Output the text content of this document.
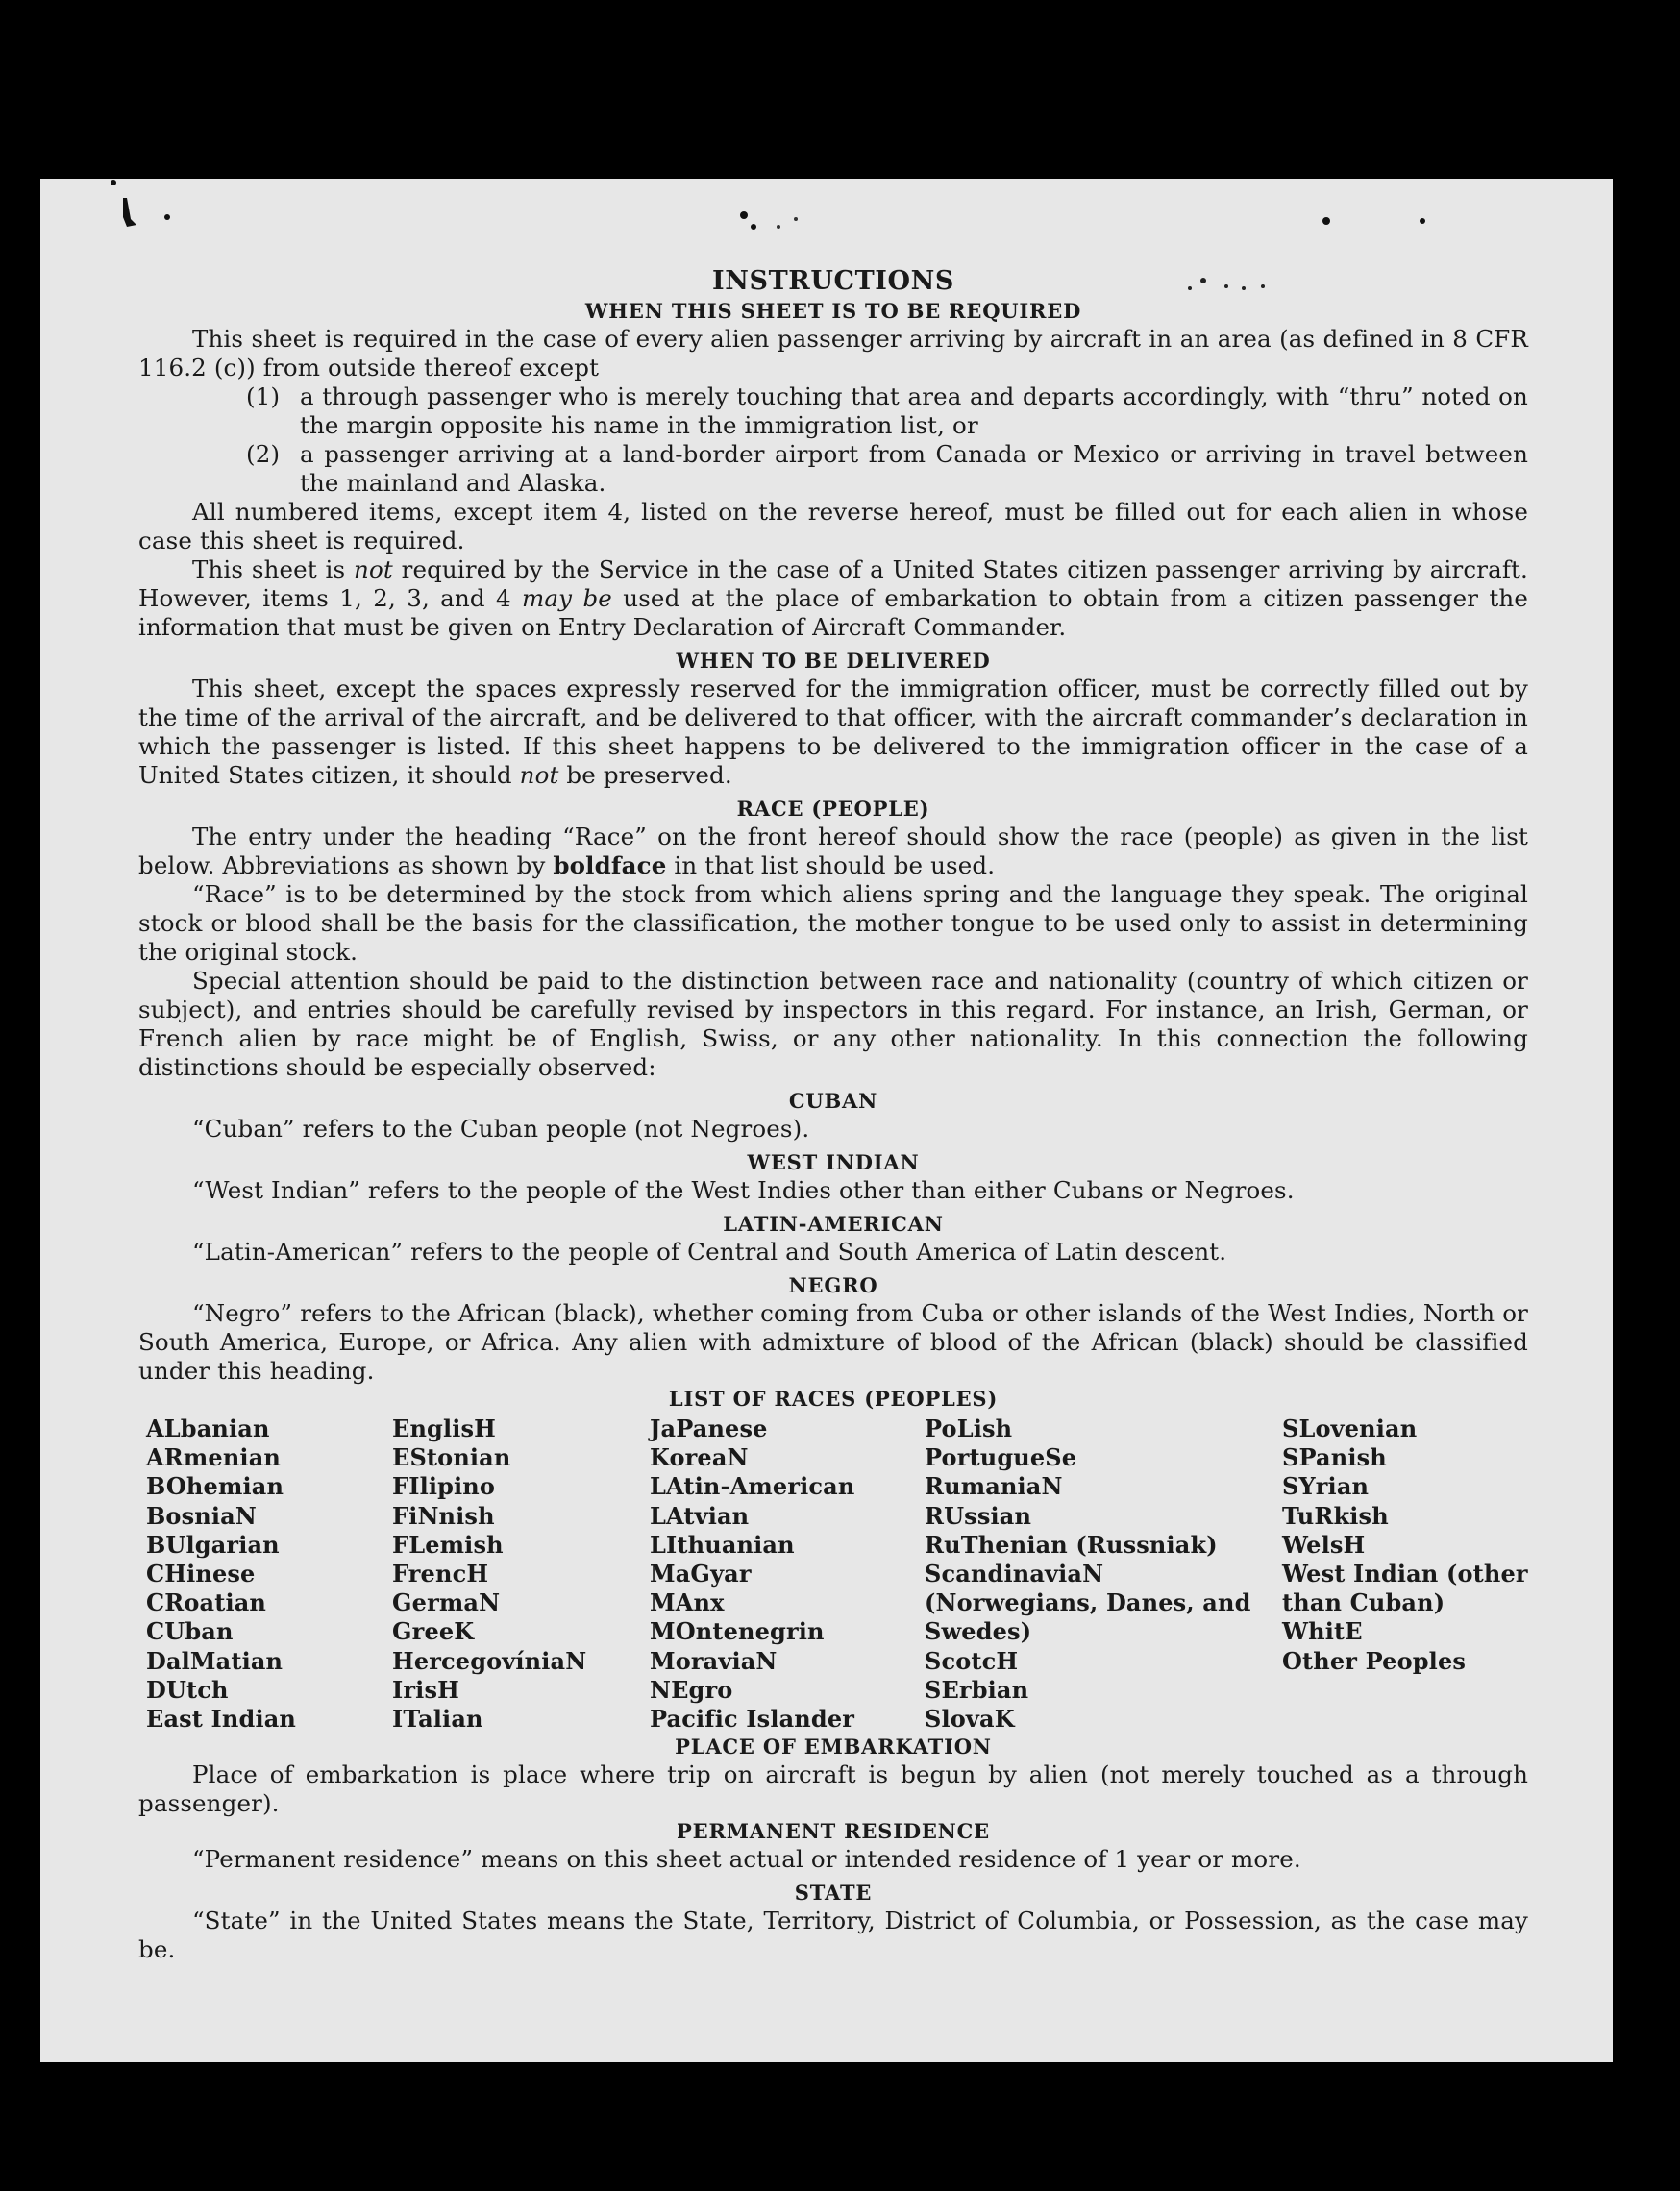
INSTRUCTIONS
WHEN THIS SHEET IS TO BE REQUIRED

This sheet is required in the case of every alien passenger arriving by aircraft in an area (as defined in 8 CFR 116.2 (c)) from outside thereof except

(1) a through passenger who is merely touching that area and departs accordingly, with “thru” noted on the margin opposite his name in the immigration list, or
(2) a passenger arriving at a land-border airport from Canada or Mexico or arriving in travel between the mainland and Alaska.

All numbered items, except item 4, listed on the reverse hereof, must be filled out for each alien in whose case this sheet is required.

This sheet is not required by the Service in the case of a United States citizen passenger arriving by aircraft. However, items 1, 2, 3, and 4 may be used at the place of embarkation to obtain from a citizen passenger the information that must be given on Entry Declaration of Aircraft Commander.

WHEN TO BE DELIVERED

This sheet, except the spaces expressly reserved for the immigration officer, must be correctly filled out by the time of the arrival of the aircraft, and be delivered to that officer, with the aircraft commander’s declaration in which the passenger is listed. If this sheet happens to be delivered to the immigration officer in the case of a United States citizen, it should not be preserved.

RACE (PEOPLE)

The entry under the heading “Race” on the front hereof should show the race (people) as given in the list below. Abbreviations as shown by boldface in that list should be used.

“Race” is to be determined by the stock from which aliens spring and the language they speak. The original stock or blood shall be the basis for the classification, the mother tongue to be used only to assist in determining the original stock.

Special attention should be paid to the distinction between race and nationality (country of which citizen or subject), and entries should be carefully revised by inspectors in this regard. For instance, an Irish, German, or French alien by race might be of English, Swiss, or any other nationality. In this connection the following distinctions should be especially observed:

CUBAN

“Cuban” refers to the Cuban people (not Negroes).

WEST INDIAN

“West Indian” refers to the people of the West Indies other than either Cubans or Negroes.

LATIN-AMERICAN

“Latin-American” refers to the people of Central and South America of Latin descent.

NEGRO

“Negro” refers to the African (black), whether coming from Cuba or other islands of the West Indies, North or South America, Europe, or Africa. Any alien with admixture of blood of the African (black) should be classified under this heading.

LIST OF RACES (PEOPLES)
ALbanian
ARmenian
BOhemian
BosniaN
BUlgarian
CHinese
CRoatian
CUban
DalMatian
DUtch
East Indian
EnglisH
EStonian
FIlipino
FiNnish
FLemish
FrencH
GermaN
GreeK
HercegovíniaN
IrisH
ITalian
JaPanese
KoreaN
LAtin-American
LAtvian
LIthuanian
MaGyar
MAnx
MOntenegrin
MoraviaN
NEgro
Pacific Islander
PoLish
PortugueSe
RumaniaN
RUssian
RuThenian (Russniak)
ScandinaviaN (Norwegians, Danes, and Swedes)
ScotcH
SErbian
SlovaK
SLovenian
SPanish
SYrian
TuRkish
WelsH
West Indian (other than Cuban)
WhitE
Other Peoples
PLACE OF EMBARKATION

Place of embarkation is place where trip on aircraft is begun by alien (not merely touched as a through passenger).

PERMANENT RESIDENCE

“Permanent residence” means on this sheet actual or intended residence of 1 year or more.

STATE

“State” in the United States means the State, Territory, District of Columbia, or Possession, as the case may be.
